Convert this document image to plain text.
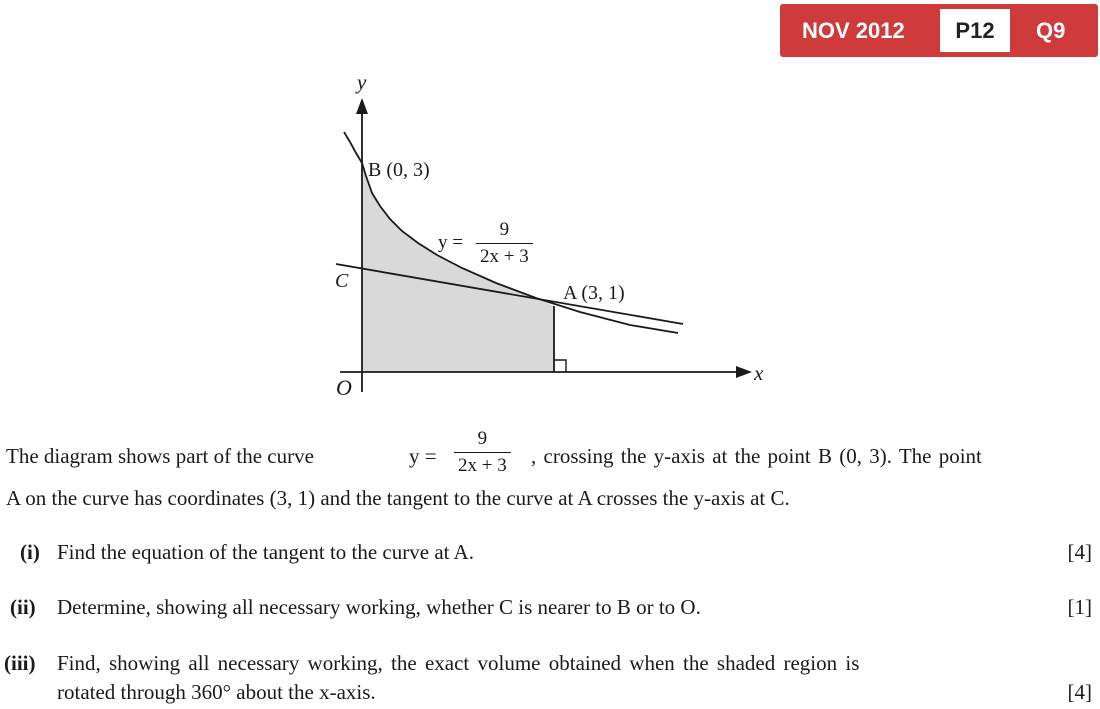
NOV 2012	P12	Q9
y
x
O
C
B (0, 3)
A (3, 1)
$y = \frac{9}{2x + 3}$
The diagram shows part of the curve	$y = \frac{9}{2x + 3}$ , crossing the y-axis at the point B (0, 3). The point
A on the curve has coordinates (3, 1) and the tangent to the curve at A crosses the y-axis at C.
(i) Find the equation of the tangent to the curve at A.	[4]
(ii) Determine, showing all necessary working, whether C is nearer to B or to O.	[1]
(iii) Find, showing all necessary working, the exact volume obtained when the shaded region is
rotated through 360° about the x-axis.	[4]
